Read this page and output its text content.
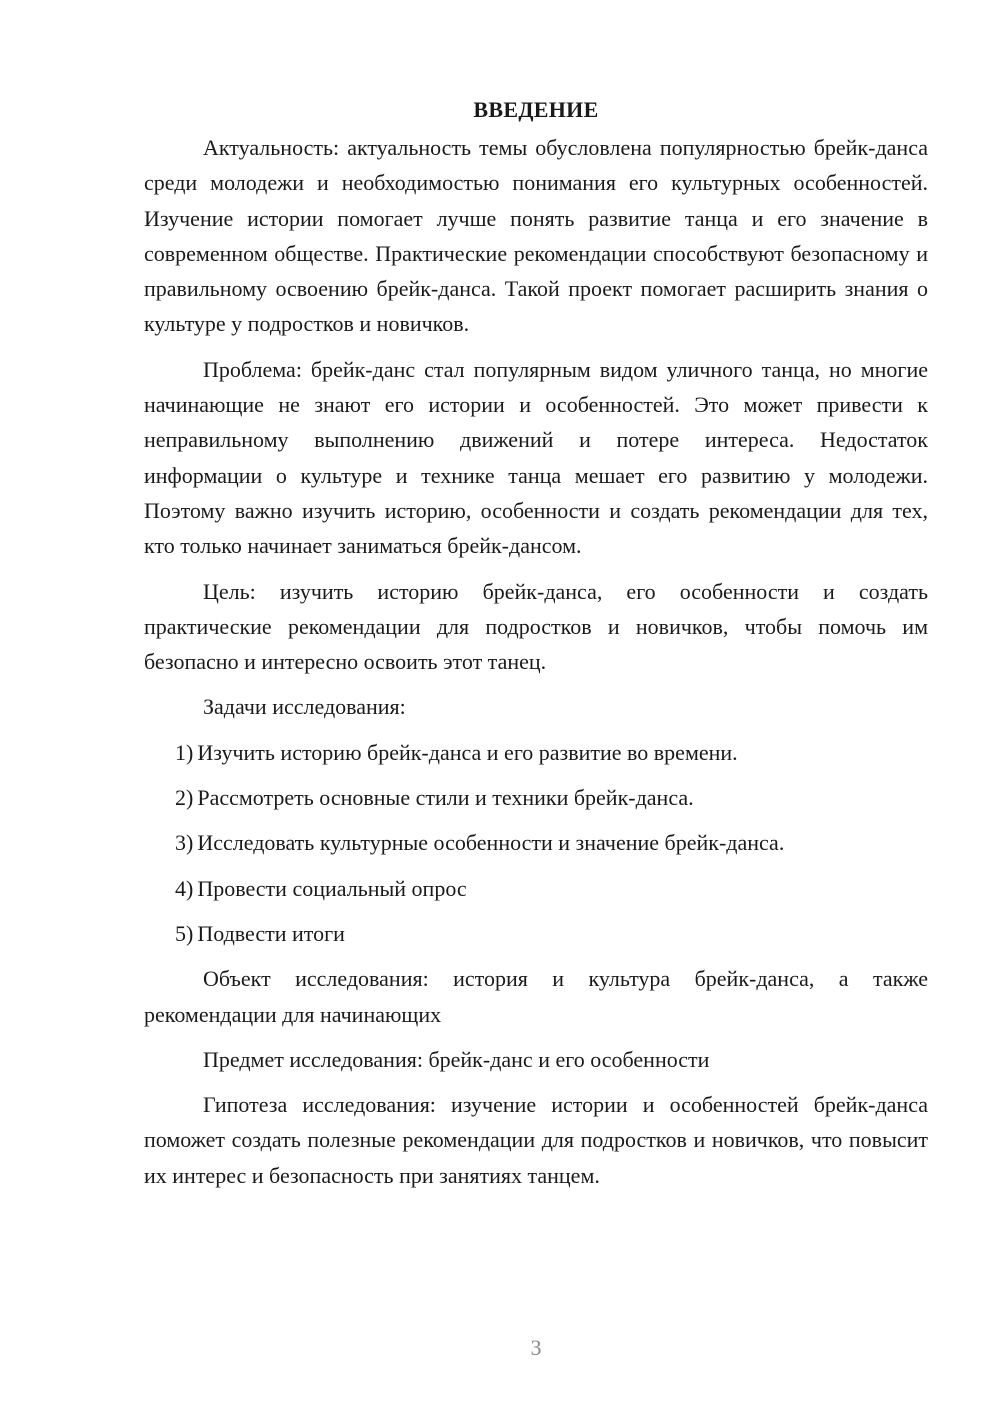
ВВЕДЕНИЕ

Актуальность: актуальность темы обусловлена популярностью брейк-данса среди молодежи и необходимостью понимания его культурных особенностей. Изучение истории помогает лучше понять развитие танца и его значение в современном обществе. Практические рекомендации способствуют безопасному и правильному освоению брейк-данса. Такой проект помогает расширить знания о культуре у подростков и новичков.

Проблема: брейк-данс стал популярным видом уличного танца, но многие начинающие не знают его истории и особенностей. Это может привести к неправильному выполнению движений и потере интереса. Недостаток информации о культуре и технике танца мешает его развитию у молодежи. Поэтому важно изучить историю, особенности и создать рекомендации для тех, кто только начинает заниматься брейк-дансом.

Цель: изучить историю брейк-данса, его особенности и создать практические рекомендации для подростков и новичков, чтобы помочь им безопасно и интересно освоить этот танец.

Задачи исследования:

1) Изучить историю брейк-данса и его развитие во времени.
2) Рассмотреть основные стили и техники брейк-данса.
3) Исследовать культурные особенности и значение брейк-данса.
4) Провести социальный опрос
5) Подвести итоги

Объект исследования: история и культура брейк-данса, а также рекомендации для начинающих

Предмет исследования: брейк-данс и его особенности

Гипотеза исследования: изучение истории и особенностей брейк-данса поможет создать полезные рекомендации для подростков и новичков, что повысит их интерес и безопасность при занятиях танцем.

3
